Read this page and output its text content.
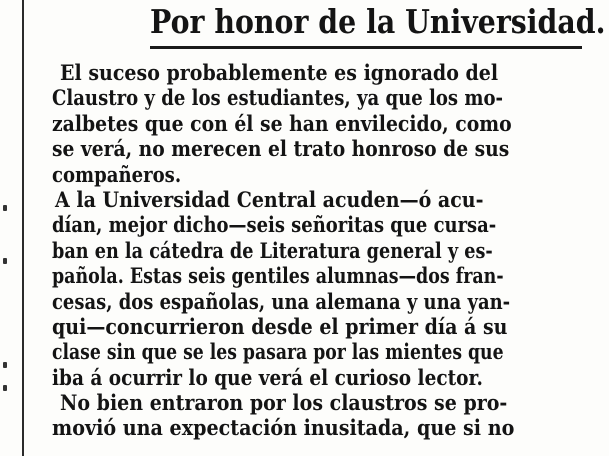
Por honor de la Universidad.
El suceso probablemente es ignorado del
Claustro y de los estudiantes, ya que los mo-
zalbetes que con él se han envilecido, como
se verá, no merecen el trato honroso de sus
compañeros.
A la Universidad Central acuden—ó acu-
dían, mejor dicho—seis señoritas que cursa-
ban en la cátedra de Literatura general y es-
pañola. Estas seis gentiles alumnas—dos fran-
cesas, dos españolas, una alemana y una yan-
qui—concurrieron desde el primer día á su
clase sin que se les pasara por las mientes que
iba á ocurrir lo que verá el curioso lector.
No bien entraron por los claustros se pro-
movió una expectación inusitada, que si no
